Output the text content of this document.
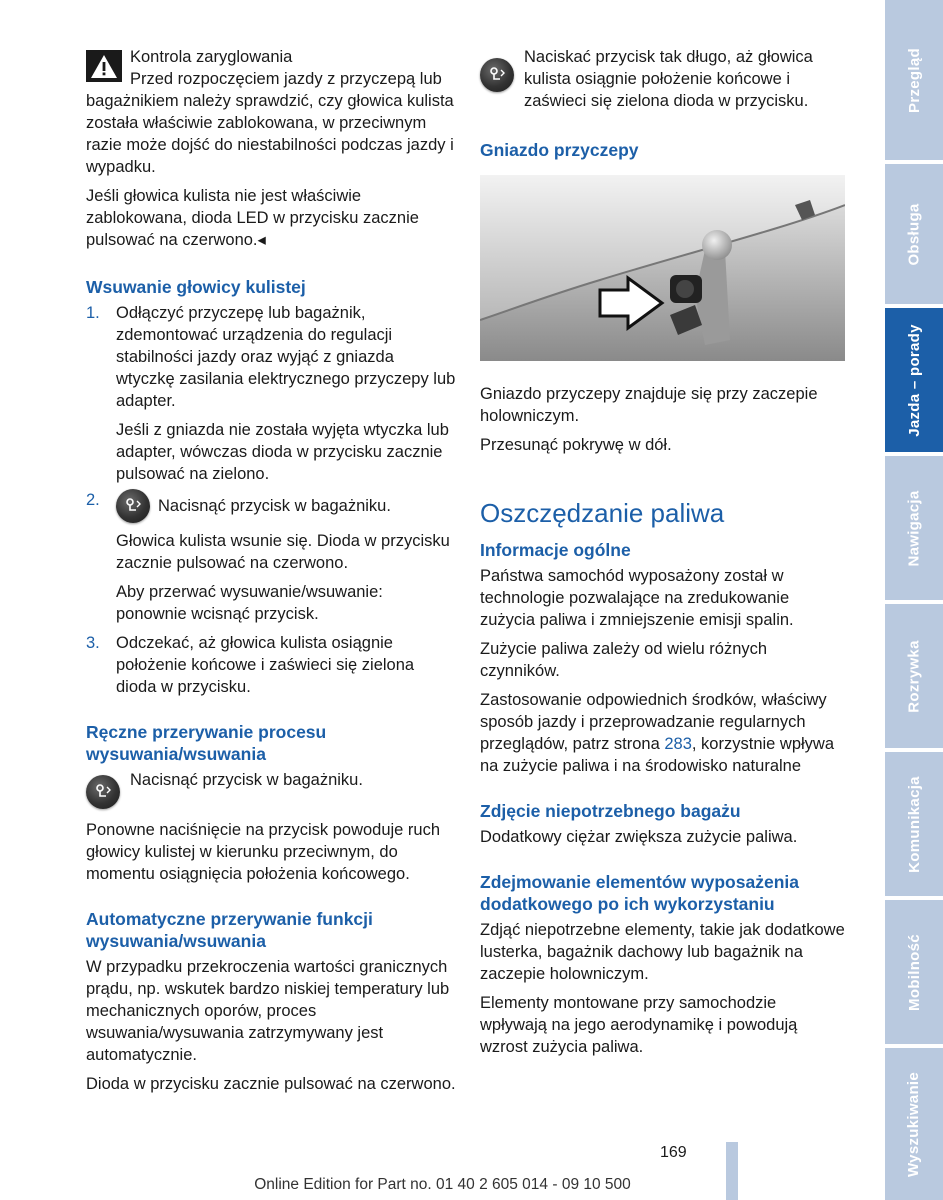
Kontrola zaryglowania

Przed rozpoczęciem jazdy z przyczepą lub bagażnikiem należy sprawdzić, czy głowica kulista została właściwie zablokowana, w przeciwnym razie może dojść do niestabilności podczas jazdy i wypadku.

Jeśli głowica kulista nie jest właściwie zablokowana, dioda LED w przycisku zacznie pulsować na czerwono.◂

Wsuwanie głowicy kulistej
1. Odłączyć przyczepę lub bagażnik, zdemontować urządzenia do regulacji stabilności jazdy oraz wyjąć z gniazda wtyczkę zasilania elektrycznego przyczepy lub adapter.

Jeśli z gniazda nie została wyjęta wtyczka lub adapter, wówczas dioda w przycisku zacznie pulsować na zielono.

2.	Nacisnąć przycisk w bagażniku.

Głowica kulista wsunie się. Dioda w przycisku zacznie pulsować na czerwono.

Aby przerwać wysuwanie/wsuwanie: ponownie wcisnąć przycisk.

3. Odczekać, aż głowica kulista osiągnie położenie końcowe i zaświeci się zielona dioda w przycisku.

Ręczne przerywanie procesu wysuwania/wsuwania

Nacisnąć przycisk w bagażniku.

Ponowne naciśnięcie na przycisk powoduje ruch głowicy kulistej w kierunku przeciwnym, do momentu osiągnięcia położenia końcowego.

Automatyczne przerywanie funkcji wysuwania/wsuwania

W przypadku przekroczenia wartości granicznych prądu, np. wskutek bardzo niskiej temperatury lub mechanicznych oporów, proces wsuwania/wysuwania zatrzymywany jest automatycznie.

Dioda w przycisku zacznie pulsować na czerwono.

Naciskać przycisk tak długo, aż głowica kulista osiągnie położenie końcowe i zaświeci się zielona dioda w przycisku.

Gniazdo przyczepy

Gniazdo przyczepy znajduje się przy zaczepie holowniczym.

Przesunąć pokrywę w dół.

Oszczędzanie paliwa
Informacje ogólne

Państwa samochód wyposażony został w technologie pozwalające na zredukowanie zużycia paliwa i zmniejszenie emisji spalin.

Zużycie paliwa zależy od wielu różnych czynników.

Zastosowanie odpowiednich środków, właściwy sposób jazdy i przeprowadzanie regularnych przeglądów, patrz strona 283, korzystnie wpływa na zużycie paliwa i na środowisko naturalne

Zdjęcie niepotrzebnego bagażu

Dodatkowy ciężar zwiększa zużycie paliwa.

Zdejmowanie elementów wyposażenia dodatkowego po ich wykorzystaniu

Zdjąć niepotrzebne elementy, takie jak dodatkowe lusterka, bagażnik dachowy lub bagażnik na zaczepie holowniczym.

Elementy montowane przy samochodzie wpływają na jego aerodynamikę i powodują wzrost zużycia paliwa.

Przegląd
Obsługa
Jazda – porady
Nawigacja
Rozrywka
Komunikacja
Mobilność
Wyszukiwanie
169
Online Edition for Part no. 01 40 2 605 014 - 09 10 500
